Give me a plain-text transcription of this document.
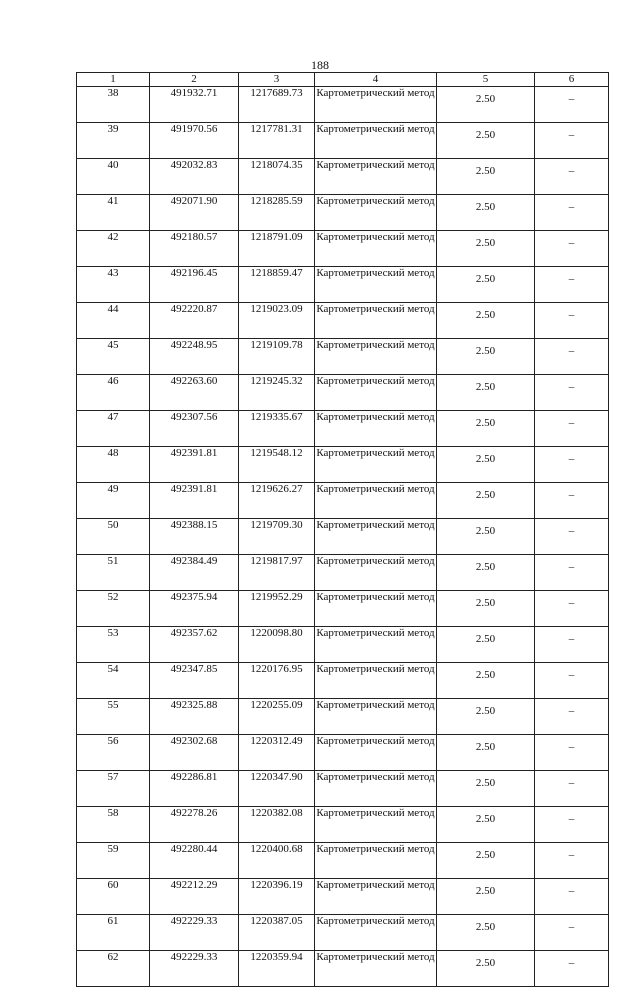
188
1	2	3	4	5	6
38	491932.71	1217689.73	Картометрический метод	2.50	–
39	491970.56	1217781.31	Картометрический метод	2.50	–
40	492032.83	1218074.35	Картометрический метод	2.50	–
41	492071.90	1218285.59	Картометрический метод	2.50	–
42	492180.57	1218791.09	Картометрический метод	2.50	–
43	492196.45	1218859.47	Картометрический метод	2.50	–
44	492220.87	1219023.09	Картометрический метод	2.50	–
45	492248.95	1219109.78	Картометрический метод	2.50	–
46	492263.60	1219245.32	Картометрический метод	2.50	–
47	492307.56	1219335.67	Картометрический метод	2.50	–
48	492391.81	1219548.12	Картометрический метод	2.50	–
49	492391.81	1219626.27	Картометрический метод	2.50	–
50	492388.15	1219709.30	Картометрический метод	2.50	–
51	492384.49	1219817.97	Картометрический метод	2.50	–
52	492375.94	1219952.29	Картометрический метод	2.50	–
53	492357.62	1220098.80	Картометрический метод	2.50	–
54	492347.85	1220176.95	Картометрический метод	2.50	–
55	492325.88	1220255.09	Картометрический метод	2.50	–
56	492302.68	1220312.49	Картометрический метод	2.50	–
57	492286.81	1220347.90	Картометрический метод	2.50	–
58	492278.26	1220382.08	Картометрический метод	2.50	–
59	492280.44	1220400.68	Картометрический метод	2.50	–
60	492212.29	1220396.19	Картометрический метод	2.50	–
61	492229.33	1220387.05	Картометрический метод	2.50	–
62	492229.33	1220359.94	Картометрический метод	2.50	–
